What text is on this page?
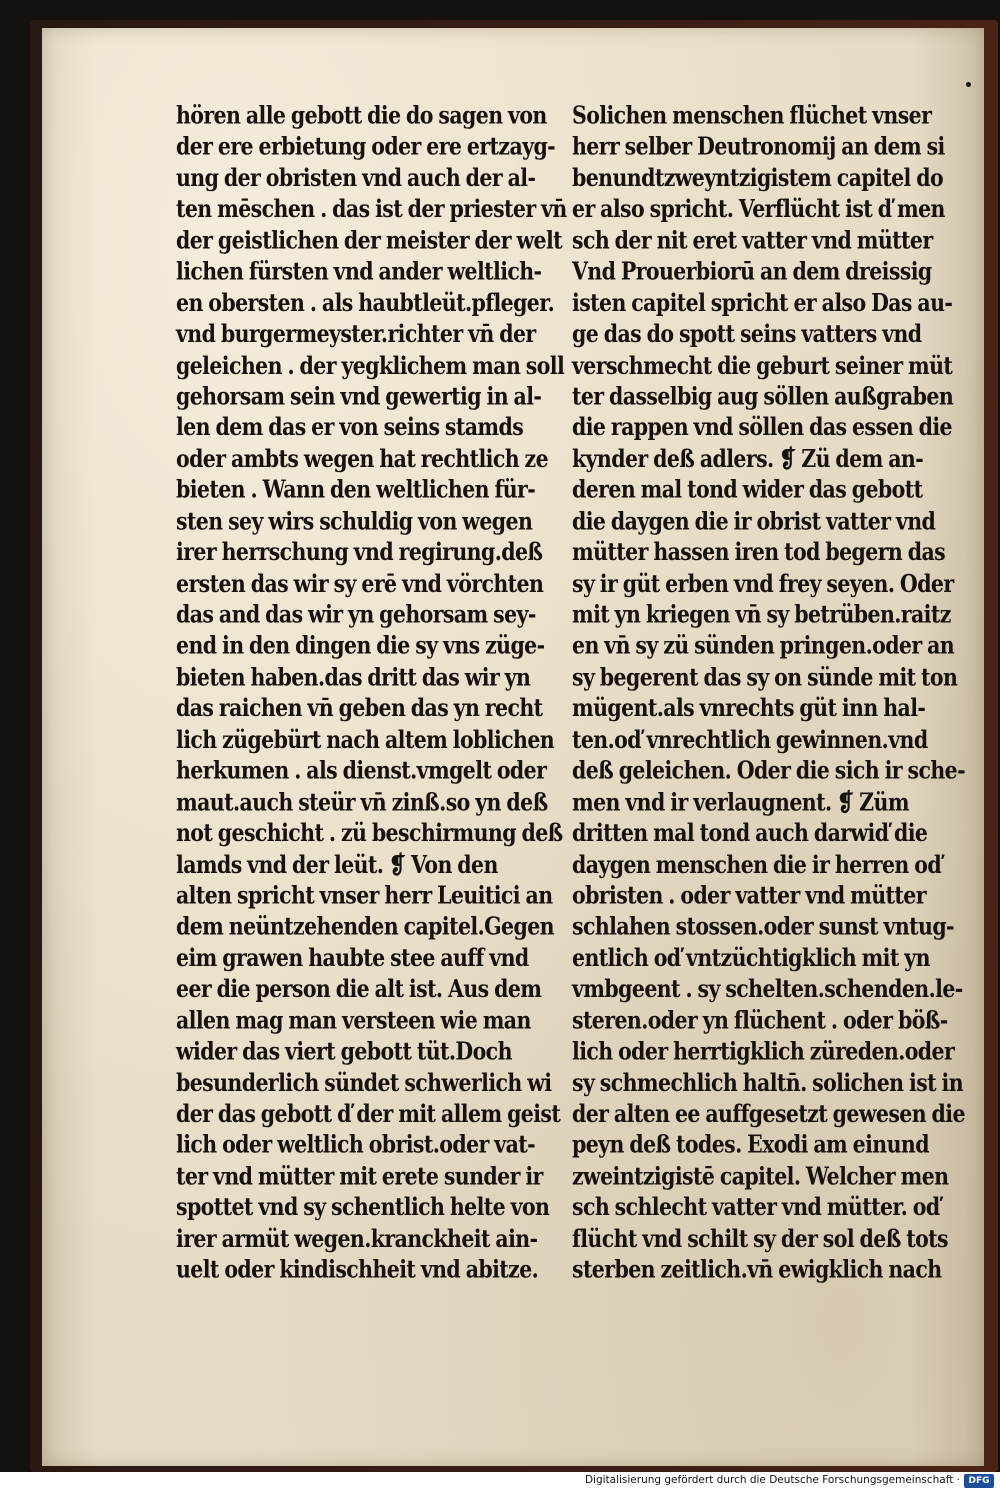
hören alle gebott die do sagen von
der ere erbietung oder ere ertzayg-
ung der obristen vnd auch der al-
ten mēschen . das ist der priester vn̄
der geistlichen der meister der welt
lichen fürsten vnd ander weltlich-
en obersten . als haubtleüt.pfleger.
vnd burgermeyster.richter vn̄ der
geleichen . der yegklichem man soll
gehorsam sein vnd gewertig in al-
len dem das er von seins stamds
oder ambts wegen hat rechtlich ze
bieten . Wann den weltlichen für-
sten sey wirs schuldig von wegen
irer herrschung vnd regirung.deß
ersten das wir sy erē vnd vörchten
das and das wir yn gehorsam sey-
end in den dingen die sy vns züge-
bieten haben.das dritt das wir yn
das raichen vn̄ geben das yn recht
lich zügebürt nach altem loblichen
herkumen . als dienst.vmgelt oder
maut.auch steür vn̄ zinß.so yn deß
not geschicht . zü beschirmung deß
lamds vnd der leüt. ❡ Von den
alten spricht vnser herr Leuitici an
dem neüntzehenden capitel.Gegen
eim grawen haubte stee auff vnd
eer die person die alt ist. Aus dem
allen mag man versteen wie man
wider das viert gebott tüt.Doch
besunderlich sündet schwerlich wi
der das gebott ď der mit allem geist
lich oder weltlich obrist.oder vat-
ter vnd mütter mit erete sunder ir
spottet vnd sy schentlich helte von
irer armüt wegen.kranckheit ain-
uelt oder kindischheit vnd abitze.
Solichen menschen flüchet vnser
herr selber Deutronomij an dem si
benundtzweyntzigistem capitel do
er also spricht. Verflücht ist ď men
sch der nit eret vatter vnd mütter
Vnd Prouerbiorū an dem dreissig
isten capitel spricht er also Das au-
ge das do spott seins vatters vnd
verschmecht die geburt seiner müt
ter dasselbig aug söllen außgraben
die rappen vnd söllen das essen die
kynder deß adlers. ❡ Zü dem an-
deren mal tond wider das gebott
die daygen die ir obrist vatter vnd
mütter hassen iren tod begern das
sy ir güt erben vnd frey seyen. Oder
mit yn kriegen vn̄ sy betrüben.raitz
en vn̄ sy zü sünden pringen.oder an
sy begerent das sy on sünde mit ton
mügent.als vnrechts güt inn hal-
ten.oď vnrechtlich gewinnen.vnd
deß geleichen. Oder die sich ir sche-
men vnd ir verlaugnent. ❡ Züm
dritten mal tond auch darwiď die
daygen menschen die ir herren oď
obristen . oder vatter vnd mütter
schlahen stossen.oder sunst vntug-
entlich oď vntzüchtigklich mit yn
vmbgeent . sy schelten.schenden.le-
steren.oder yn flüchent . oder böß-
lich oder herrtigklich züreden.oder
sy schmechlich haltn̄. solichen ist in
der alten ee auffgesetzt gewesen die
peyn deß todes. Exodi am einund
zweintzigistē capitel. Welcher men
sch schlecht vatter vnd mütter. oď
flücht vnd schilt sy der sol deß tots
sterben zeitlich.vn̄ ewigklich nach
Digitalisierung gefördert durch die Deutsche Forschungsgemeinschaft · DFG
